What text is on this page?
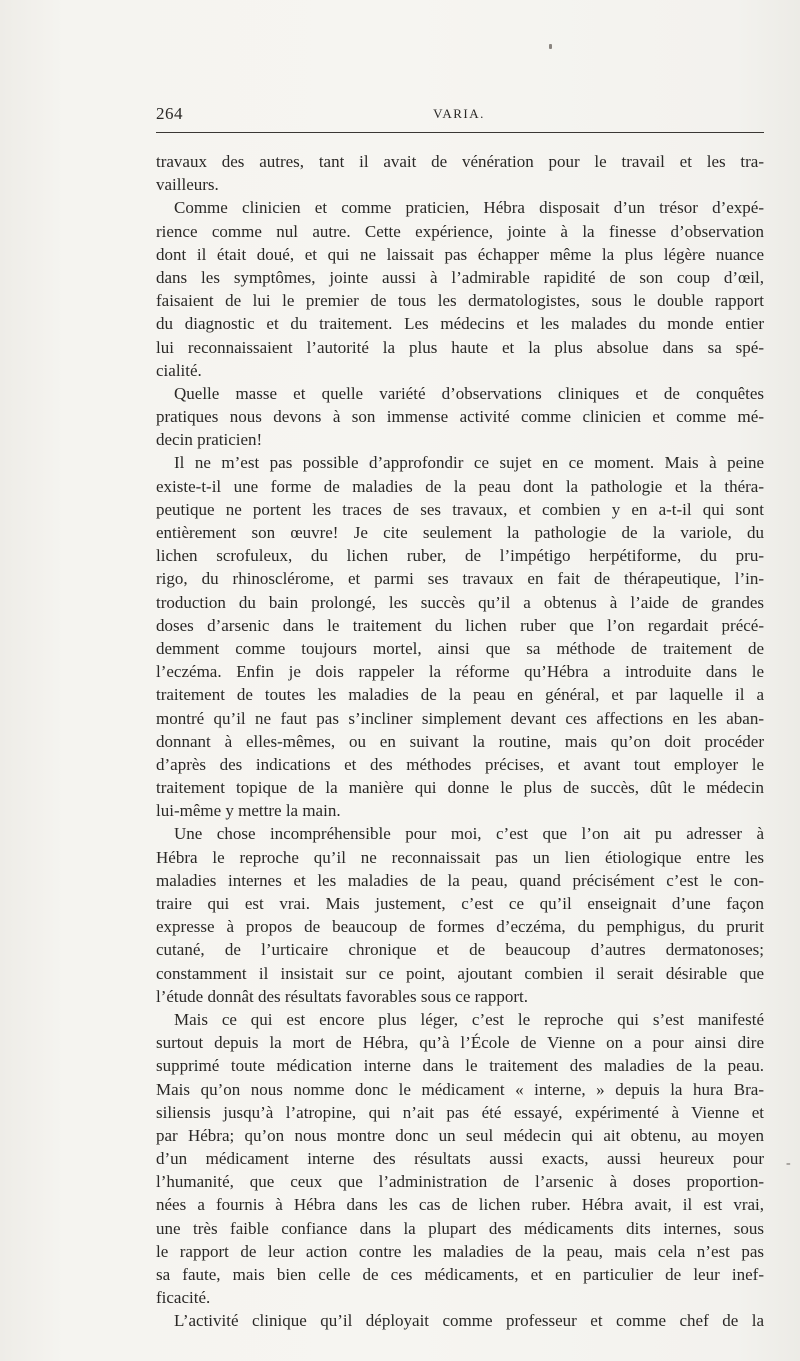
264	VARIA.
travaux des autres, tant il avait de vénération pour le travail et les tra-
vailleurs.
Comme clinicien et comme praticien, Hébra disposait d’un trésor d’expé-
rience comme nul autre. Cette expérience, jointe à la finesse d’observation
dont il était doué, et qui ne laissait pas échapper même la plus légère nuance
dans les symptômes, jointe aussi à l’admirable rapidité de son coup d’œil,
faisaient de lui le premier de tous les dermatologistes, sous le double rapport
du diagnostic et du traitement. Les médecins et les malades du monde entier
lui reconnaissaient l’autorité la plus haute et la plus absolue dans sa spé-
cialité.
Quelle masse et quelle variété d’observations cliniques et de conquêtes
pratiques nous devons à son immense activité comme clinicien et comme mé-
decin praticien!
Il ne m’est pas possible d’approfondir ce sujet en ce moment. Mais à peine
existe-t-il une forme de maladies de la peau dont la pathologie et la théra-
peutique ne portent les traces de ses travaux, et combien y en a-t-il qui sont
entièrement son œuvre! Je cite seulement la pathologie de la variole, du
lichen scrofuleux, du lichen ruber, de l’impétigo herpétiforme, du pru-
rigo, du rhinosclérome, et parmi ses travaux en fait de thérapeutique, l’in-
troduction du bain prolongé, les succès qu’il a obtenus à l’aide de grandes
doses d’arsenic dans le traitement du lichen ruber que l’on regardait précé-
demment comme toujours mortel, ainsi que sa méthode de traitement de
l’eczéma. Enfin je dois rappeler la réforme qu’Hébra a introduite dans le
traitement de toutes les maladies de la peau en général, et par laquelle il a
montré qu’il ne faut pas s’incliner simplement devant ces affections en les aban-
donnant à elles-mêmes, ou en suivant la routine, mais qu’on doit procéder
d’après des indications et des méthodes précises, et avant tout employer le
traitement topique de la manière qui donne le plus de succès, dût le médecin
lui-même y mettre la main.
Une chose incompréhensible pour moi, c’est que l’on ait pu adresser à
Hébra le reproche qu’il ne reconnaissait pas un lien étiologique entre les
maladies internes et les maladies de la peau, quand précisément c’est le con-
traire qui est vrai. Mais justement, c’est ce qu’il enseignait d’une façon
expresse à propos de beaucoup de formes d’eczéma, du pemphigus, du prurit
cutané, de l’urticaire chronique et de beaucoup d’autres dermatonoses;
constamment il insistait sur ce point, ajoutant combien il serait désirable que
l’étude donnât des résultats favorables sous ce rapport.
Mais ce qui est encore plus léger, c’est le reproche qui s’est manifesté
surtout depuis la mort de Hébra, qu’à l’École de Vienne on a pour ainsi dire
supprimé toute médication interne dans le traitement des maladies de la peau.
Mais qu’on nous nomme donc le médicament « interne, » depuis la hura Bra-
siliensis jusqu’à l’atropine, qui n’ait pas été essayé, expérimenté à Vienne et
par Hébra; qu’on nous montre donc un seul médecin qui ait obtenu, au moyen
d’un médicament interne des résultats aussi exacts, aussi heureux pour
l’humanité, que ceux que l’administration de l’arsenic à doses proportion-
nées a fournis à Hébra dans les cas de lichen ruber. Hébra avait, il est vrai,
une très faible confiance dans la plupart des médicaments dits internes, sous
le rapport de leur action contre les maladies de la peau, mais cela n’est pas
sa faute, mais bien celle de ces médicaments, et en particulier de leur inef-
ficacité.
L’activité clinique qu’il déployait comme professeur et comme chef de la
-
